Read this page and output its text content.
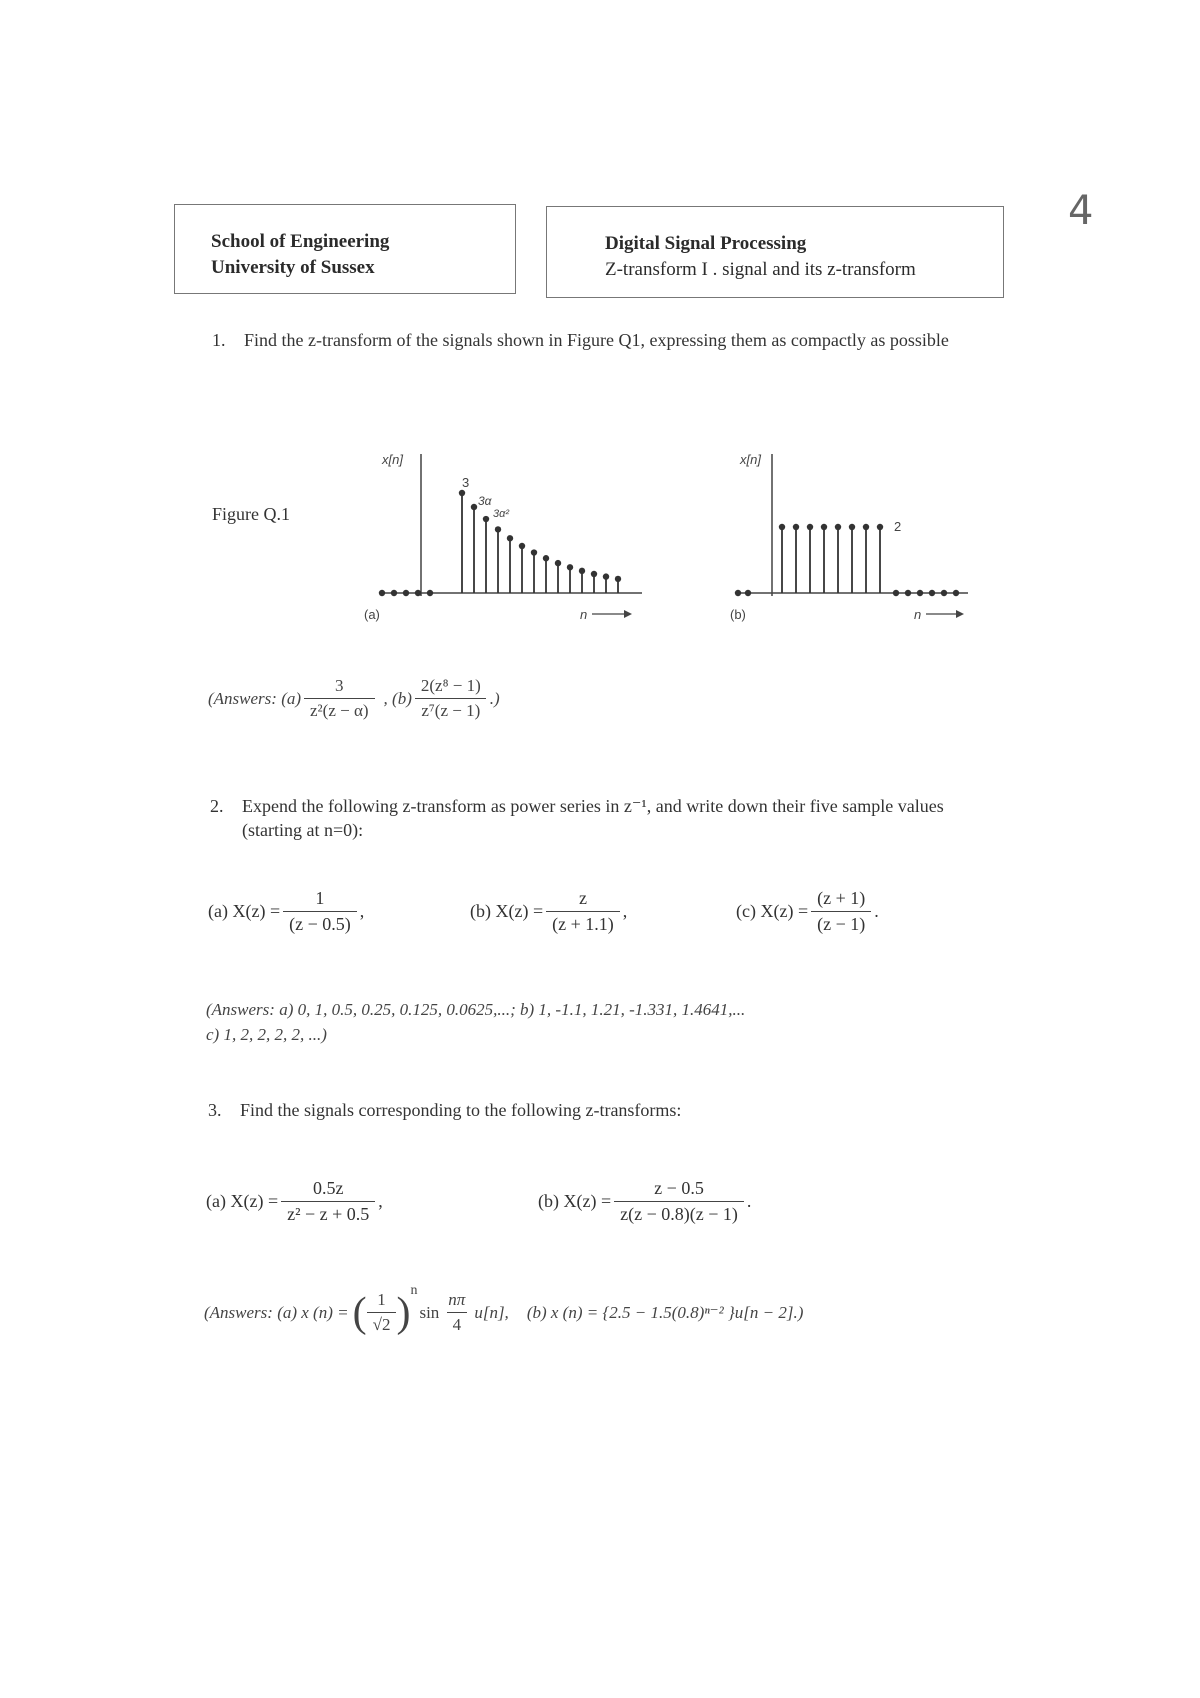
4
School of Engineering
University of Sussex
Digital Signal Processing
Z-transform I . signal and its z-transform
1. Find the z-transform of the signals shown in Figure Q1, expressing them as compactly as possible
Figure Q.1
x[n]
3
3α
3α²
(a)	n
x[n]
2
(b)	n
(Answers: $(a) \frac{3}{\text{z²(z − α)}}$ , $(b) \frac{\text{2(z⁸ − 1)}}{\text{z⁷(z − 1)}}$ .)
2. Expend the following z-transform as power series in z⁻¹, and write down their five sample values (starting at n=0):
(a) $X(z) = \frac{1}{(z - 0.5)}$ ,	(b) $X(z) = \frac{z}{(z + 1.1)}$ ,	(c) $X(z) = \frac{(z + 1)}{(z - 1)}$ .
(Answers: a) 0, 1, 0.5, 0.25, 0.125, 0.0625,...; b) 1, -1.1, 1.21, -1.331, 1.4641,...
c) 1, 2, 2, 2, 2, ...)
3. Find the signals corresponding to the following z-transforms:
(a) $X(z) = \frac{0.5z}{\text{z² − z + 0.5}}$ ,	(b) $X(z) = \frac{z - 0.5}{z(z - 0.8)(z - 1)}$ .
(Answers: (a) x (n) = ( $\frac{1}{√2}$ ) n
$\sin \frac{n\pi}{4} u[n]$, (b) x (n) = {2.5 − 1.5(0.8)ⁿ⁻² }u[n − 2].)
